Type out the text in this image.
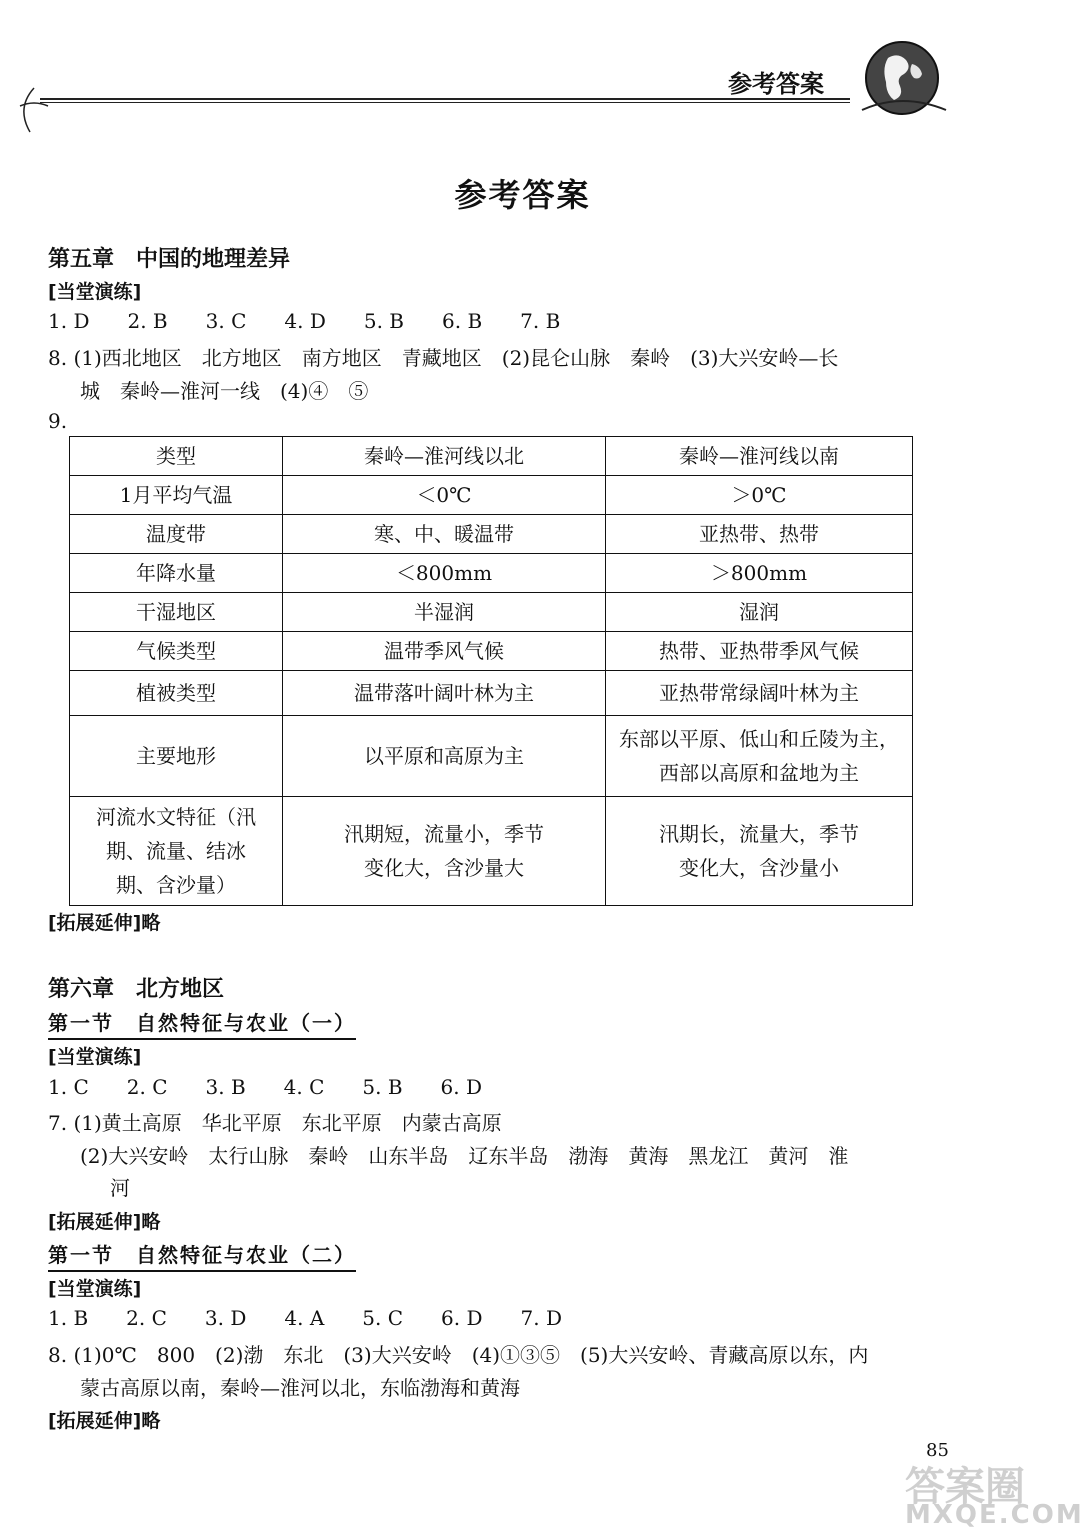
参考答案
参考答案
第五章　中国的地理差异
[当堂演练]
1. D 2. B 3. C 4. D 5. B 6. B 7. B
8. (1)西北地区　北方地区　南方地区　青藏地区　(2)昆仑山脉　秦岭　(3)大兴安岭—长
城　秦岭—淮河一线　(4)④　⑤
9.
类型	秦岭—淮河线以北	秦岭—淮河线以南
1月平均气温	＜0℃	＞0℃
温度带	寒、中、暖温带	亚热带、热带
年降水量	＜800mm	＞800mm
干湿地区	半湿润	湿润
气候类型	温带季风气候	热带、亚热带季风气候
植被类型	温带落叶阔叶林为主	亚热带常绿阔叶林为主
主要地形	以平原和高原为主	东部以平原、低山和丘陵为主，西部以高原和盆地为主
河流水文特征（汛期、流量、结冰期、含沙量）	汛期短，流量小，季节变化大，含沙量大	汛期长，流量大，季节变化大，含沙量小
[拓展延伸]略
第六章　北方地区
第一节　自然特征与农业（一）
[当堂演练]
1. C 2. C 3. B 4. C 5. B 6. D
7. (1)黄土高原　华北平原　东北平原　内蒙古高原
(2)大兴安岭　太行山脉　秦岭　山东半岛　辽东半岛　渤海　黄海　黑龙江　黄河　淮
河
[拓展延伸]略
第一节　自然特征与农业（二）
[当堂演练]
1. B 2. C 3. D 4. A 5. C 6. D 7. D
8. (1)0℃　800　(2)渤　东北　(3)大兴安岭　(4)①③⑤　(5)大兴安岭、青藏高原以东，内
蒙古高原以南，秦岭—淮河以北，东临渤海和黄海
[拓展延伸]略
85
答案圈
MXQE.COM
